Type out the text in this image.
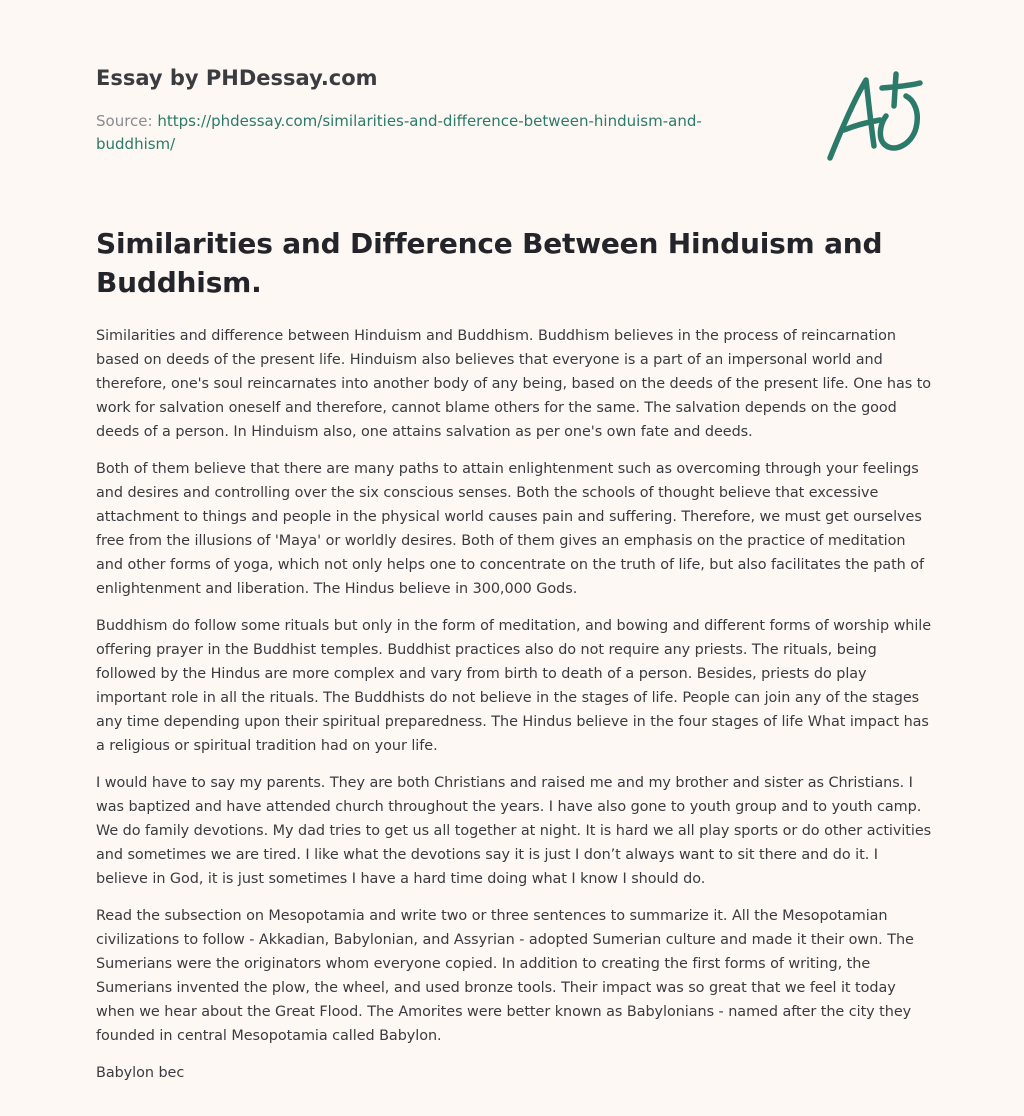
Essay by PHDessay.com
Source: https://phdessay.com/similarities-and-difference-between-hinduism-and-buddhism/
Similarities and Difference Between Hinduism and Buddhism.

Similarities and difference between Hinduism and Buddhism. Buddhism believes in the process of reincarnation based on deeds of the present life. Hinduism also believes that everyone is a part of an impersonal world and therefore, one's soul reincarnates into another body of any being, based on the deeds of the present life. One has to work for salvation oneself and therefore, cannot blame others for the same. The salvation depends on the good deeds of a person. In Hinduism also, one attains salvation as per one's own fate and deeds.

Both of them believe that there are many paths to attain enlightenment such as overcoming through your feelings and desires and controlling over the six conscious senses. Both the schools of thought believe that excessive attachment to things and people in the physical world causes pain and suffering. Therefore, we must get ourselves free from the illusions of 'Maya' or worldly desires. Both of them gives an emphasis on the practice of meditation and other forms of yoga, which not only helps one to concentrate on the truth of life, but also facilitates the path of enlightenment and liberation. The Hindus believe in 300,000 Gods.

Buddhism do follow some rituals but only in the form of meditation, and bowing and different forms of worship while offering prayer in the Buddhist temples. Buddhist practices also do not require any priests. The rituals, being followed by the Hindus are more complex and vary from birth to death of a person. Besides, priests do play important role in all the rituals. The Buddhists do not believe in the stages of life. People can join any of the stages any time depending upon their spiritual preparedness. The Hindus believe in the four stages of life What impact has a religious or spiritual tradition had on your life.

I would have to say my parents. They are both Christians and raised me and my brother and sister as Christians. I was baptized and have attended church throughout the years. I have also gone to youth group and to youth camp. We do family devotions. My dad tries to get us all together at night. It is hard we all play sports or do other activities and sometimes we are tired. I like what the devotions say it is just I don’t always want to sit there and do it. I believe in God, it is just sometimes I have a hard time doing what I know I should do.

Read the subsection on Mesopotamia and write two or three sentences to summarize it. All the Mesopotamian civilizations to follow - Akkadian, Babylonian, and Assyrian - adopted Sumerian culture and made it their own. The Sumerians were the originators whom everyone copied. In addition to creating the first forms of writing, the Sumerians invented the plow, the wheel, and used bronze tools. Their impact was so great that we feel it today when we hear about the Great Flood. The Amorites were better known as Babylonians - named after the city they founded in central Mesopotamia called Babylon.

Babylon bec
